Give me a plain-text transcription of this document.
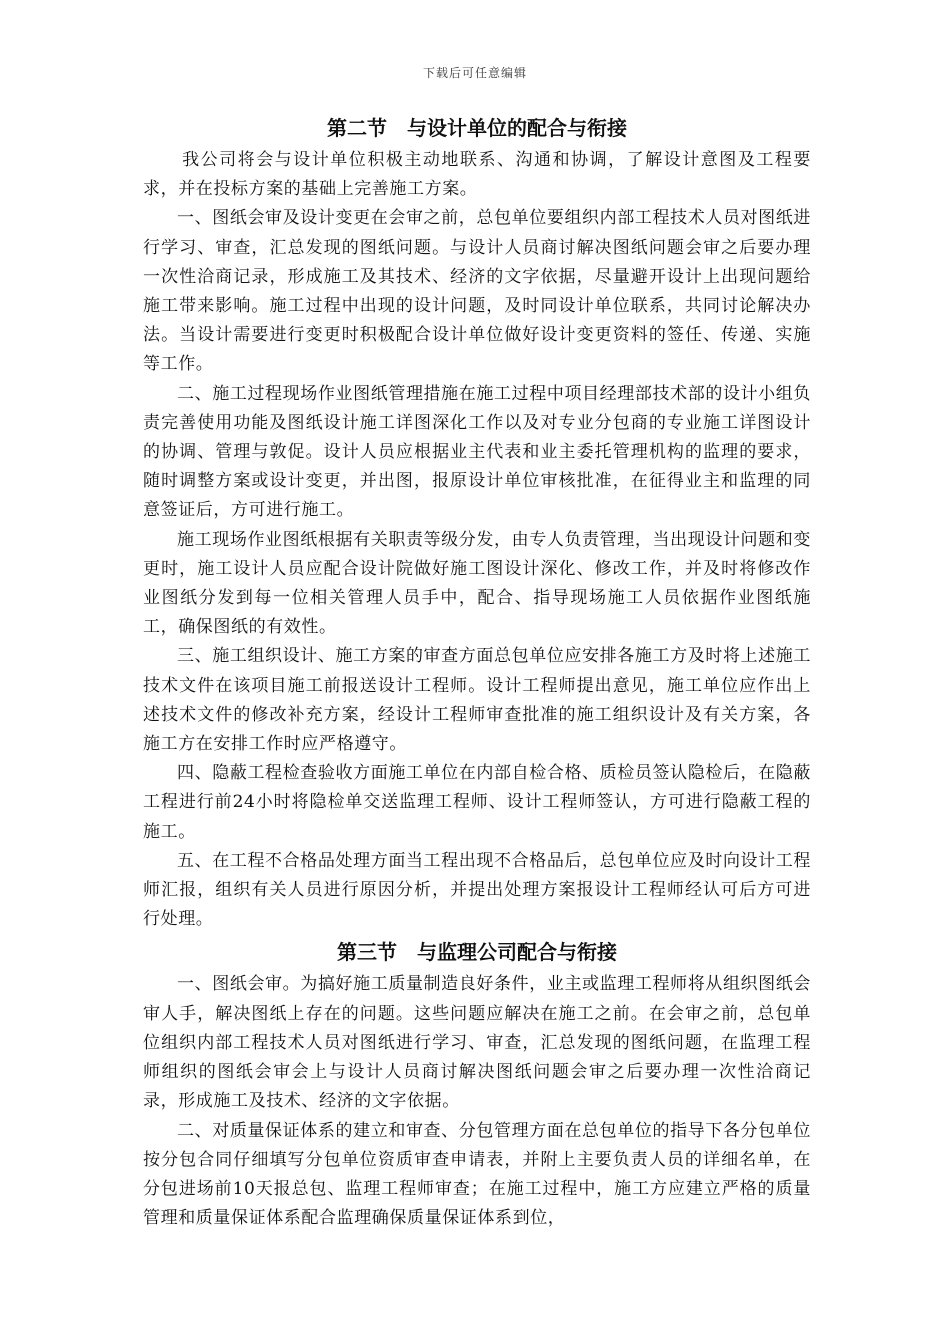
下载后可任意编辑
第二节　与设计单位的配合与衔接

我公司将会与设计单位积极主动地联系、沟通和协调，了解设计意图及工程要求，并在投标方案的基础上完善施工方案。

一、图纸会审及设计变更在会审之前，总包单位要组织内部工程技术人员对图纸进行学习、审查，汇总发现的图纸问题。与设计人员商讨解决图纸问题会审之后要办理一次性洽商记录，形成施工及其技术、经济的文字依据，尽量避开设计上出现问题给施工带来影响。施工过程中出现的设计问题，及时同设计单位联系，共同讨论解决办法。当设计需要进行变更时积极配合设计单位做好设计变更资料的签任、传递、实施等工作。

二、施工过程现场作业图纸管理措施在施工过程中项目经理部技术部的设计小组负责完善使用功能及图纸设计施工详图深化工作以及对专业分包商的专业施工详图设计的协调、管理与敦促。设计人员应根据业主代表和业主委托管理机构的监理的要求，随时调整方案或设计变更，并出图，报原设计单位审核批准，在征得业主和监理的同意签证后，方可进行施工。

施工现场作业图纸根据有关职责等级分发，由专人负责管理，当出现设计问题和变更时，施工设计人员应配合设计院做好施工图设计深化、修改工作，并及时将修改作业图纸分发到每一位相关管理人员手中，配合、指导现场施工人员依据作业图纸施工，确保图纸的有效性。

三、施工组织设计、施工方案的审查方面总包单位应安排各施工方及时将上述施工技术文件在该项目施工前报送设计工程师。设计工程师提出意见，施工单位应作出上述技术文件的修改补充方案，经设计工程师审查批准的施工组织设计及有关方案，各施工方在安排工作时应严格遵守。

四、隐蔽工程检查验收方面施工单位在内部自检合格、质检员签认隐检后，在隐蔽工程进行前24小时将隐检单交送监理工程师、设计工程师签认，方可进行隐蔽工程的施工。

五、在工程不合格品处理方面当工程出现不合格品后，总包单位应及时向设计工程师汇报，组织有关人员进行原因分析，并提出处理方案报设计工程师经认可后方可进行处理。

第三节　与监理公司配合与衔接

一、图纸会审。为搞好施工质量制造良好条件，业主或监理工程师将从组织图纸会审人手，解决图纸上存在的问题。这些问题应解决在施工之前。在会审之前，总包单位组织内部工程技术人员对图纸进行学习、审查，汇总发现的图纸问题，在监理工程师组织的图纸会审会上与设计人员商讨解决图纸问题会审之后要办理一次性洽商记录，形成施工及技术、经济的文字依据。

二、对质量保证体系的建立和审查、分包管理方面在总包单位的指导下各分包单位按分包合同仔细填写分包单位资质审查申请表，并附上主要负责人员的详细名单，在分包进场前10天报总包、监理工程师审查；在施工过程中，施工方应建立严格的质量管理和质量保证体系配合监理确保质量保证体系到位，
